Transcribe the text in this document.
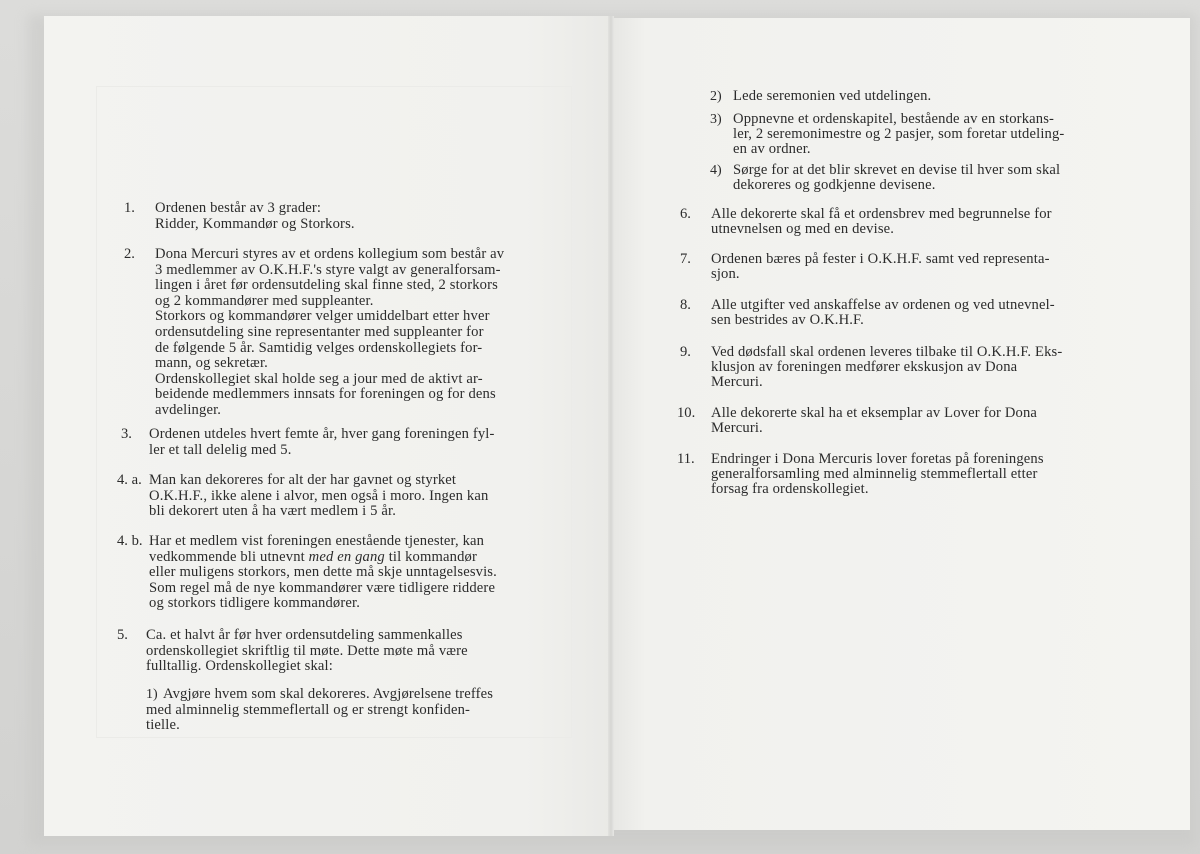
1. Ordenen består av 3 grader:
Ridder, Kommandør og Storkors.
2. Dona Mercuri styres av et ordens kollegium som består av
3 medlemmer av O.K.H.F.'s styre valgt av generalforsam-
lingen i året før ordensutdeling skal finne sted, 2 storkors
og 2 kommandører med suppleanter.
Storkors og kommandører velger umiddelbart etter hver
ordensutdeling sine representanter med suppleanter for
de følgende 5 år. Samtidig velges ordenskollegiets for-
mann, og sekretær.
Ordenskollegiet skal holde seg a jour med de aktivt ar-
beidende medlemmers innsats for foreningen og for dens
avdelinger.
3. Ordenen utdeles hvert femte år, hver gang foreningen fyl-
ler et tall delelig med 5.
4. a. Man kan dekoreres for alt der har gavnet og styrket
O.K.H.F., ikke alene i alvor, men også i moro. Ingen kan
bli dekorert uten å ha vært medlem i 5 år.
4. b. Har et medlem vist foreningen enestående tjenester, kan
vedkommende bli utnevnt med en gang til kommandør
eller muligens storkors, men dette må skje unntagelsesvis.
Som regel må de nye kommandører være tidligere riddere
og storkors tidligere kommandører.
5. Ca. et halvt år før hver ordensutdeling sammenkalles
ordenskollegiet skriftlig til møte. Dette møte må være
fulltallig. Ordenskollegiet skal:
1) Avgjøre hvem som skal dekoreres. Avgjørelsene treffes
med alminnelig stemmeflertall og er strengt konfiden-
tielle.
2) Lede seremonien ved utdelingen.
3) Oppnevne et ordenskapitel, bestående av en storkans-
ler, 2 seremonimestre og 2 pasjer, som foretar utdeling-
en av ordner.
4) Sørge for at det blir skrevet en devise til hver som skal
dekoreres og godkjenne devisene.
6. Alle dekorerte skal få et ordensbrev med begrunnelse for
utnevnelsen og med en devise.
7. Ordenen bæres på fester i O.K.H.F. samt ved representa-
sjon.
8. Alle utgifter ved anskaffelse av ordenen og ved utnevnel-
sen bestrides av O.K.H.F.
9. Ved dødsfall skal ordenen leveres tilbake til O.K.H.F. Eks-
klusjon av foreningen medfører ekskusjon av Dona
Mercuri.
10. Alle dekorerte skal ha et eksemplar av Lover for Dona
Mercuri.
11. Endringer i Dona Mercuris lover foretas på foreningens
generalforsamling med alminnelig stemmeflertall etter
forsag fra ordenskollegiet.
